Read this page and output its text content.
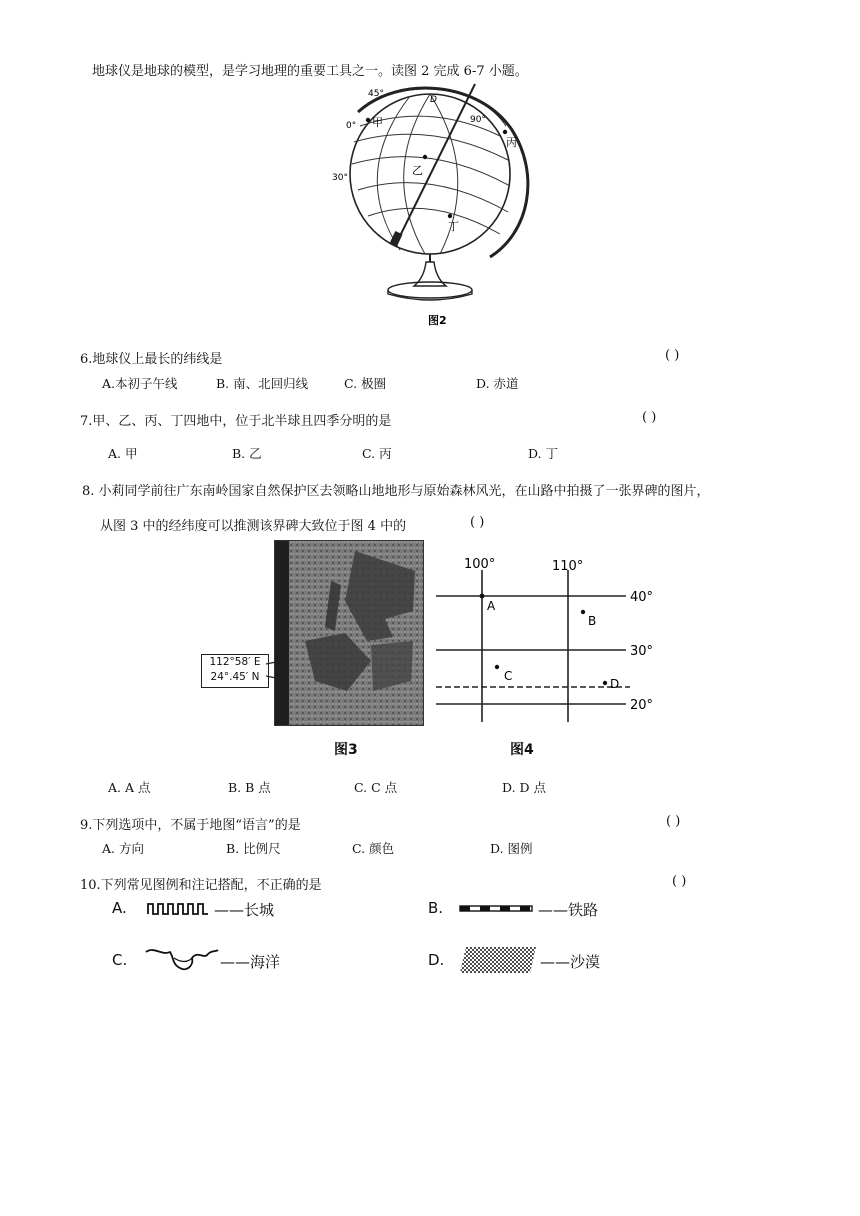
地球仪是地球的模型，是学习地理的重要工具之一。读图 2 完成 6-7 小题。
45°
0°
30°
90°
D
甲
乙
丙
丁
图2
6.地球仪上最长的纬线是	( )
A.本初子午线	B. 南、北回归线	C. 极圈	D. 赤道
7.甲、乙、丙、丁四地中，位于北半球且四季分明的是	( )
A. 甲	B. 乙	C. 丙	D. 丁
8. 小莉同学前往广东南岭国家自然保护区去领略山地地形与原始森林风光，在山路中拍摄了一张界碑的图片，
从图 3 中的经纬度可以推测该界碑大致位于图 4 中的	( )
112°58′ E
24°.45′ N
图3
100°	110°
40°
30°
20°
A
B
C
D
图4
A. A 点	B. B 点	C. C 点	D. D 点
9.下列选项中，不属于地图“语言”的是	( )
A. 方向	B. 比例尺	C. 颜色	D. 图例
10.下列常见图例和注记搭配，不正确的是	( )
A.	——长城	B.	——铁路
C.	——海洋	D.	——沙漠
